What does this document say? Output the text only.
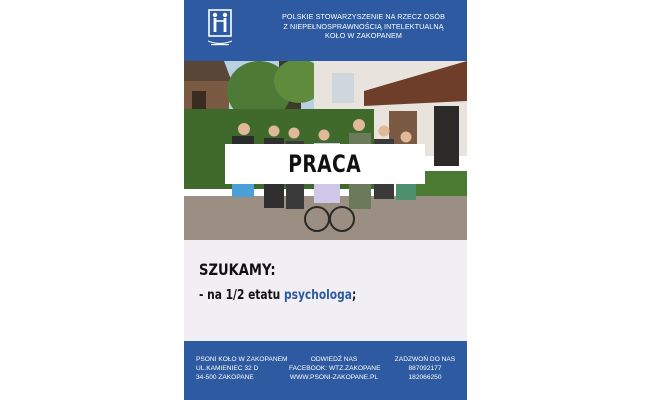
POLSKIE STOWARZYSZENIE NA RZECZ OSÓB
Z NIEPEŁNOSPRAWNOŚCIĄ INTELEKTUALNĄ
KOŁO W ZAKOPANEM
PRACA
SZUKAMY:
- na 1/2 etatu psychologa;
PSONI KOŁO W ZAKOPANEM
UL.KAMIENIEC 32 D
34-500 ZAKOPANE
ODWIEDŹ NAS
FACEBOOK: WTZ.ZAKOPANE
WWW.PSONI-ZAKOPANE.PL
ZADZWOŃ DO NAS
887092177
182066250
